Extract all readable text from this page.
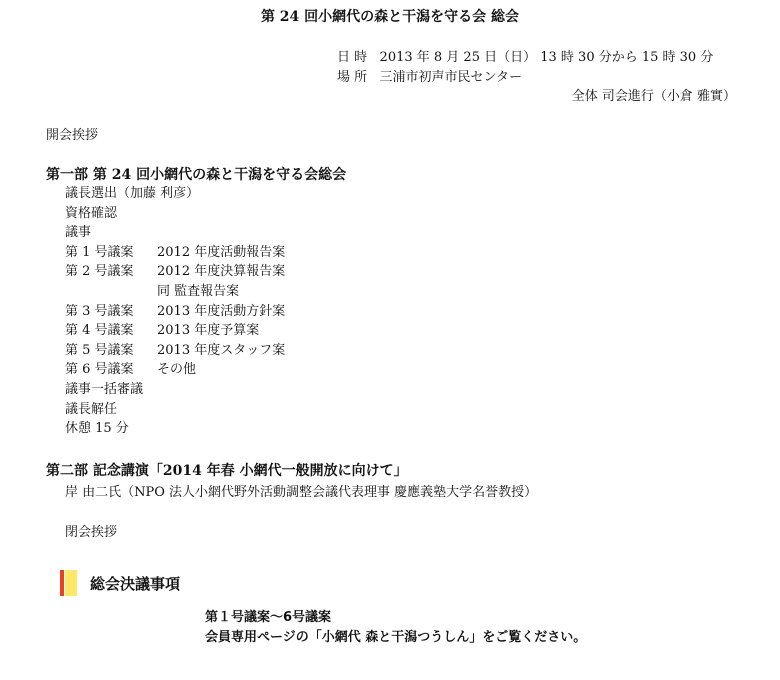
第 24 回小網代の森と干潟を守る会 総会
日 時 2013 年 8 月 25 日（日） 13 時 30 分から 15 時 30 分
場 所 三浦市初声市民センター
全体 司会進行（小倉 雅實）
開会挨拶
第一部 第 24 回小網代の森と干潟を守る会総会
議長選出（加藤 利彦）
資格確認
議事
第 1 号議案 2012 年度活動報告案
第 2 号議案 2012 年度決算報告案
同 監査報告案
第 3 号議案 2013 年度活動方針案
第 4 号議案 2013 年度予算案
第 5 号議案 2013 年度スタッフ案
第 6 号議案 その他
議事一括審議
議長解任
休憩 15 分
第二部 記念講演「2014 年春 小網代一般開放に向けて」
岸 由二氏（NPO 法人小網代野外活動調整会議代表理事 慶應義塾大学名誉教授）
閉会挨拶
総会決議事項
第１号議案～6号議案
会員専用ページの「小網代 森と干潟つうしん」をご覧ください。
